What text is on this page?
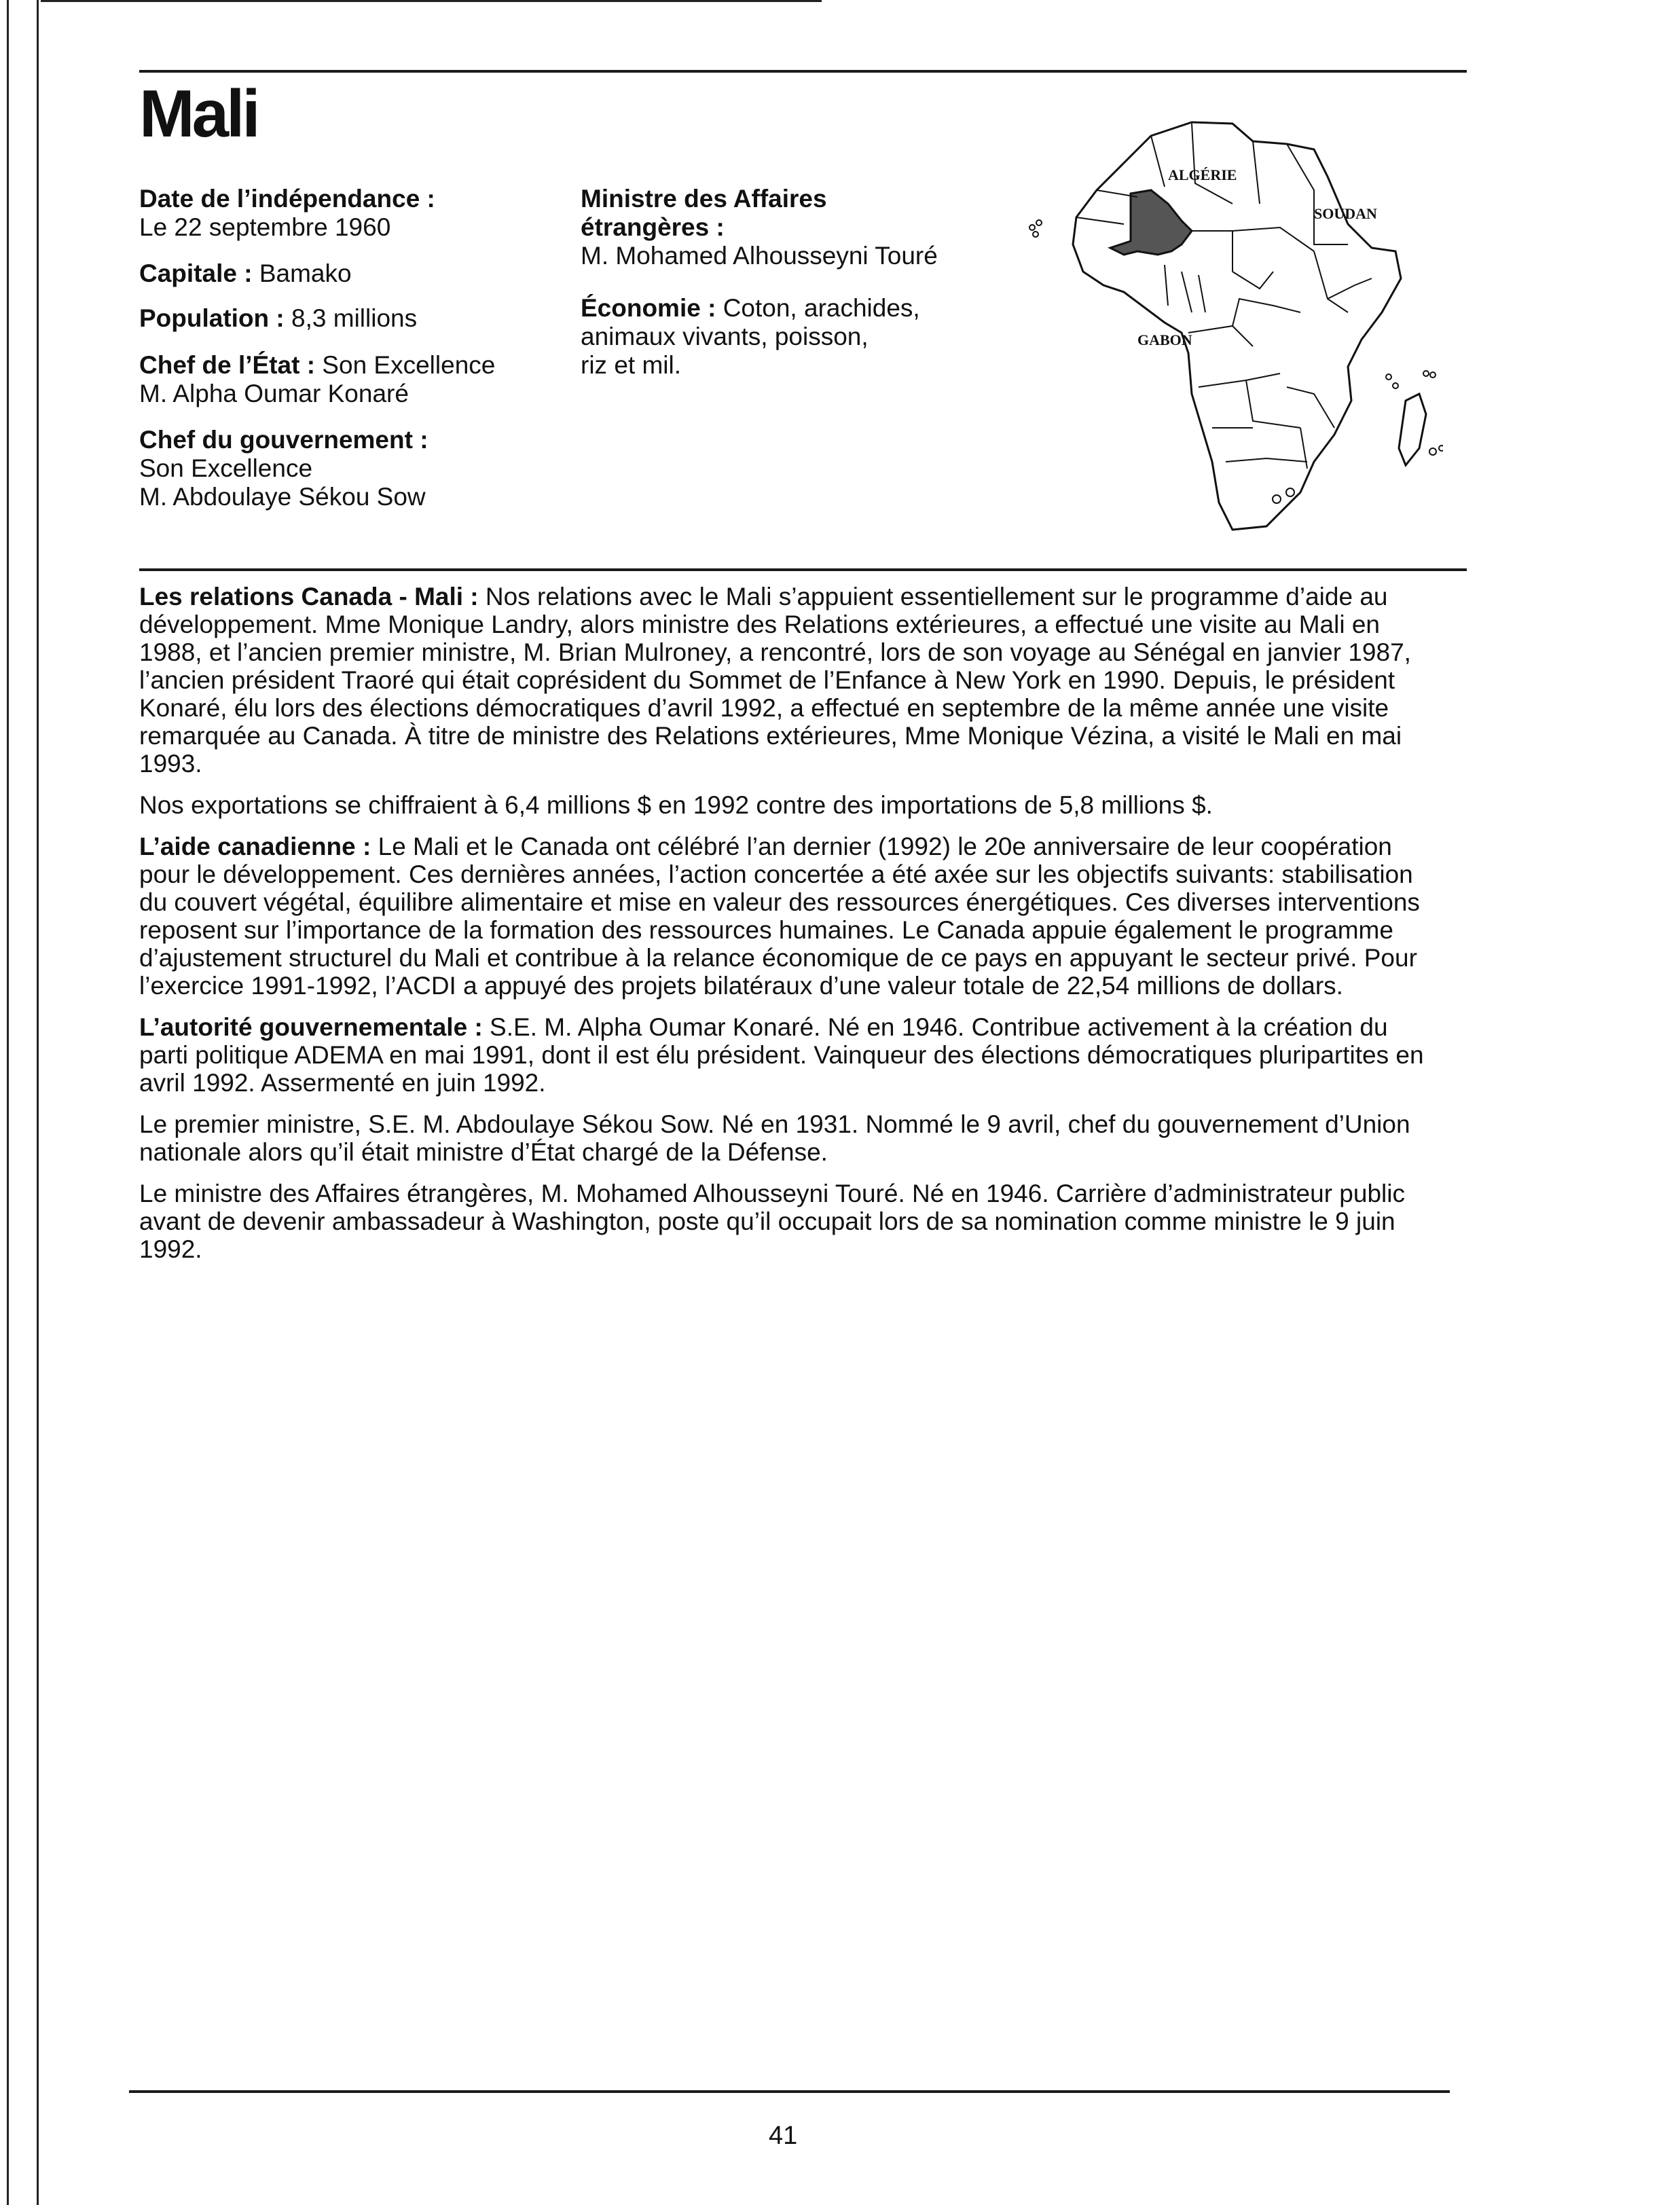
Mali
Date de l’indépendance :
Le 22 septembre 1960
Capitale : Bamako
Population : 8,3 millions
Chef de l’État : Son Excellence
M. Alpha Oumar Konaré
Chef du gouvernement :
Son Excellence
M. Abdoulaye Sékou Sow
Ministre des Affaires
étrangères :
M. Mohamed Alhousseyni Touré
Économie : Coton, arachides,
animaux vivants, poisson,
riz et mil.
ALGÉRIE
SOUDAN
GABON

Les relations Canada - Mali : Nos relations avec le Mali s’appuient essentiellement sur le programme d’aide au développement. Mme Monique Landry, alors ministre des Relations extérieures, a effectué une visite au Mali en 1988, et l’ancien premier ministre, M. Brian Mulroney, a rencontré, lors de son voyage au Sénégal en janvier 1987, l’ancien président Traoré qui était coprésident du Sommet de l’Enfance à New York en 1990. Depuis, le président Konaré, élu lors des élections démocratiques d’avril 1992, a effectué en septembre de la même année une visite remarquée au Canada. À titre de ministre des Relations extérieures, Mme Monique Vézina, a visité le Mali en mai 1993.

Nos exportations se chiffraient à 6,4 millions $ en 1992 contre des importations de 5,8 millions $.

L’aide canadienne : Le Mali et le Canada ont célébré l’an dernier (1992) le 20e anniversaire de leur coopération pour le développement. Ces dernières années, l’action concertée a été axée sur les objectifs suivants: stabilisation du couvert végétal, équilibre alimentaire et mise en valeur des ressources énergétiques. Ces diverses interventions reposent sur l’importance de la formation des ressources humaines. Le Canada appuie également le programme d’ajustement structurel du Mali et contribue à la relance économique de ce pays en appuyant le secteur privé. Pour l’exercice 1991-1992, l’ACDI a appuyé des projets bilatéraux d’une valeur totale de 22,54 millions de dollars.

L’autorité gouvernementale : S.E. M. Alpha Oumar Konaré. Né en 1946. Contribue activement à la création du parti politique ADEMA en mai 1991, dont il est élu président. Vainqueur des élections démocratiques pluripartites en avril 1992. Assermenté en juin 1992.

Le premier ministre, S.E. M. Abdoulaye Sékou Sow. Né en 1931. Nommé le 9 avril, chef du gouvernement d’Union nationale alors qu’il était ministre d’État chargé de la Défense.

Le ministre des Affaires étrangères, M. Mohamed Alhousseyni Touré. Né en 1946. Carrière d’administrateur public avant de devenir ambassadeur à Washington, poste qu’il occupait lors de sa nomination comme ministre le 9 juin 1992.

41
